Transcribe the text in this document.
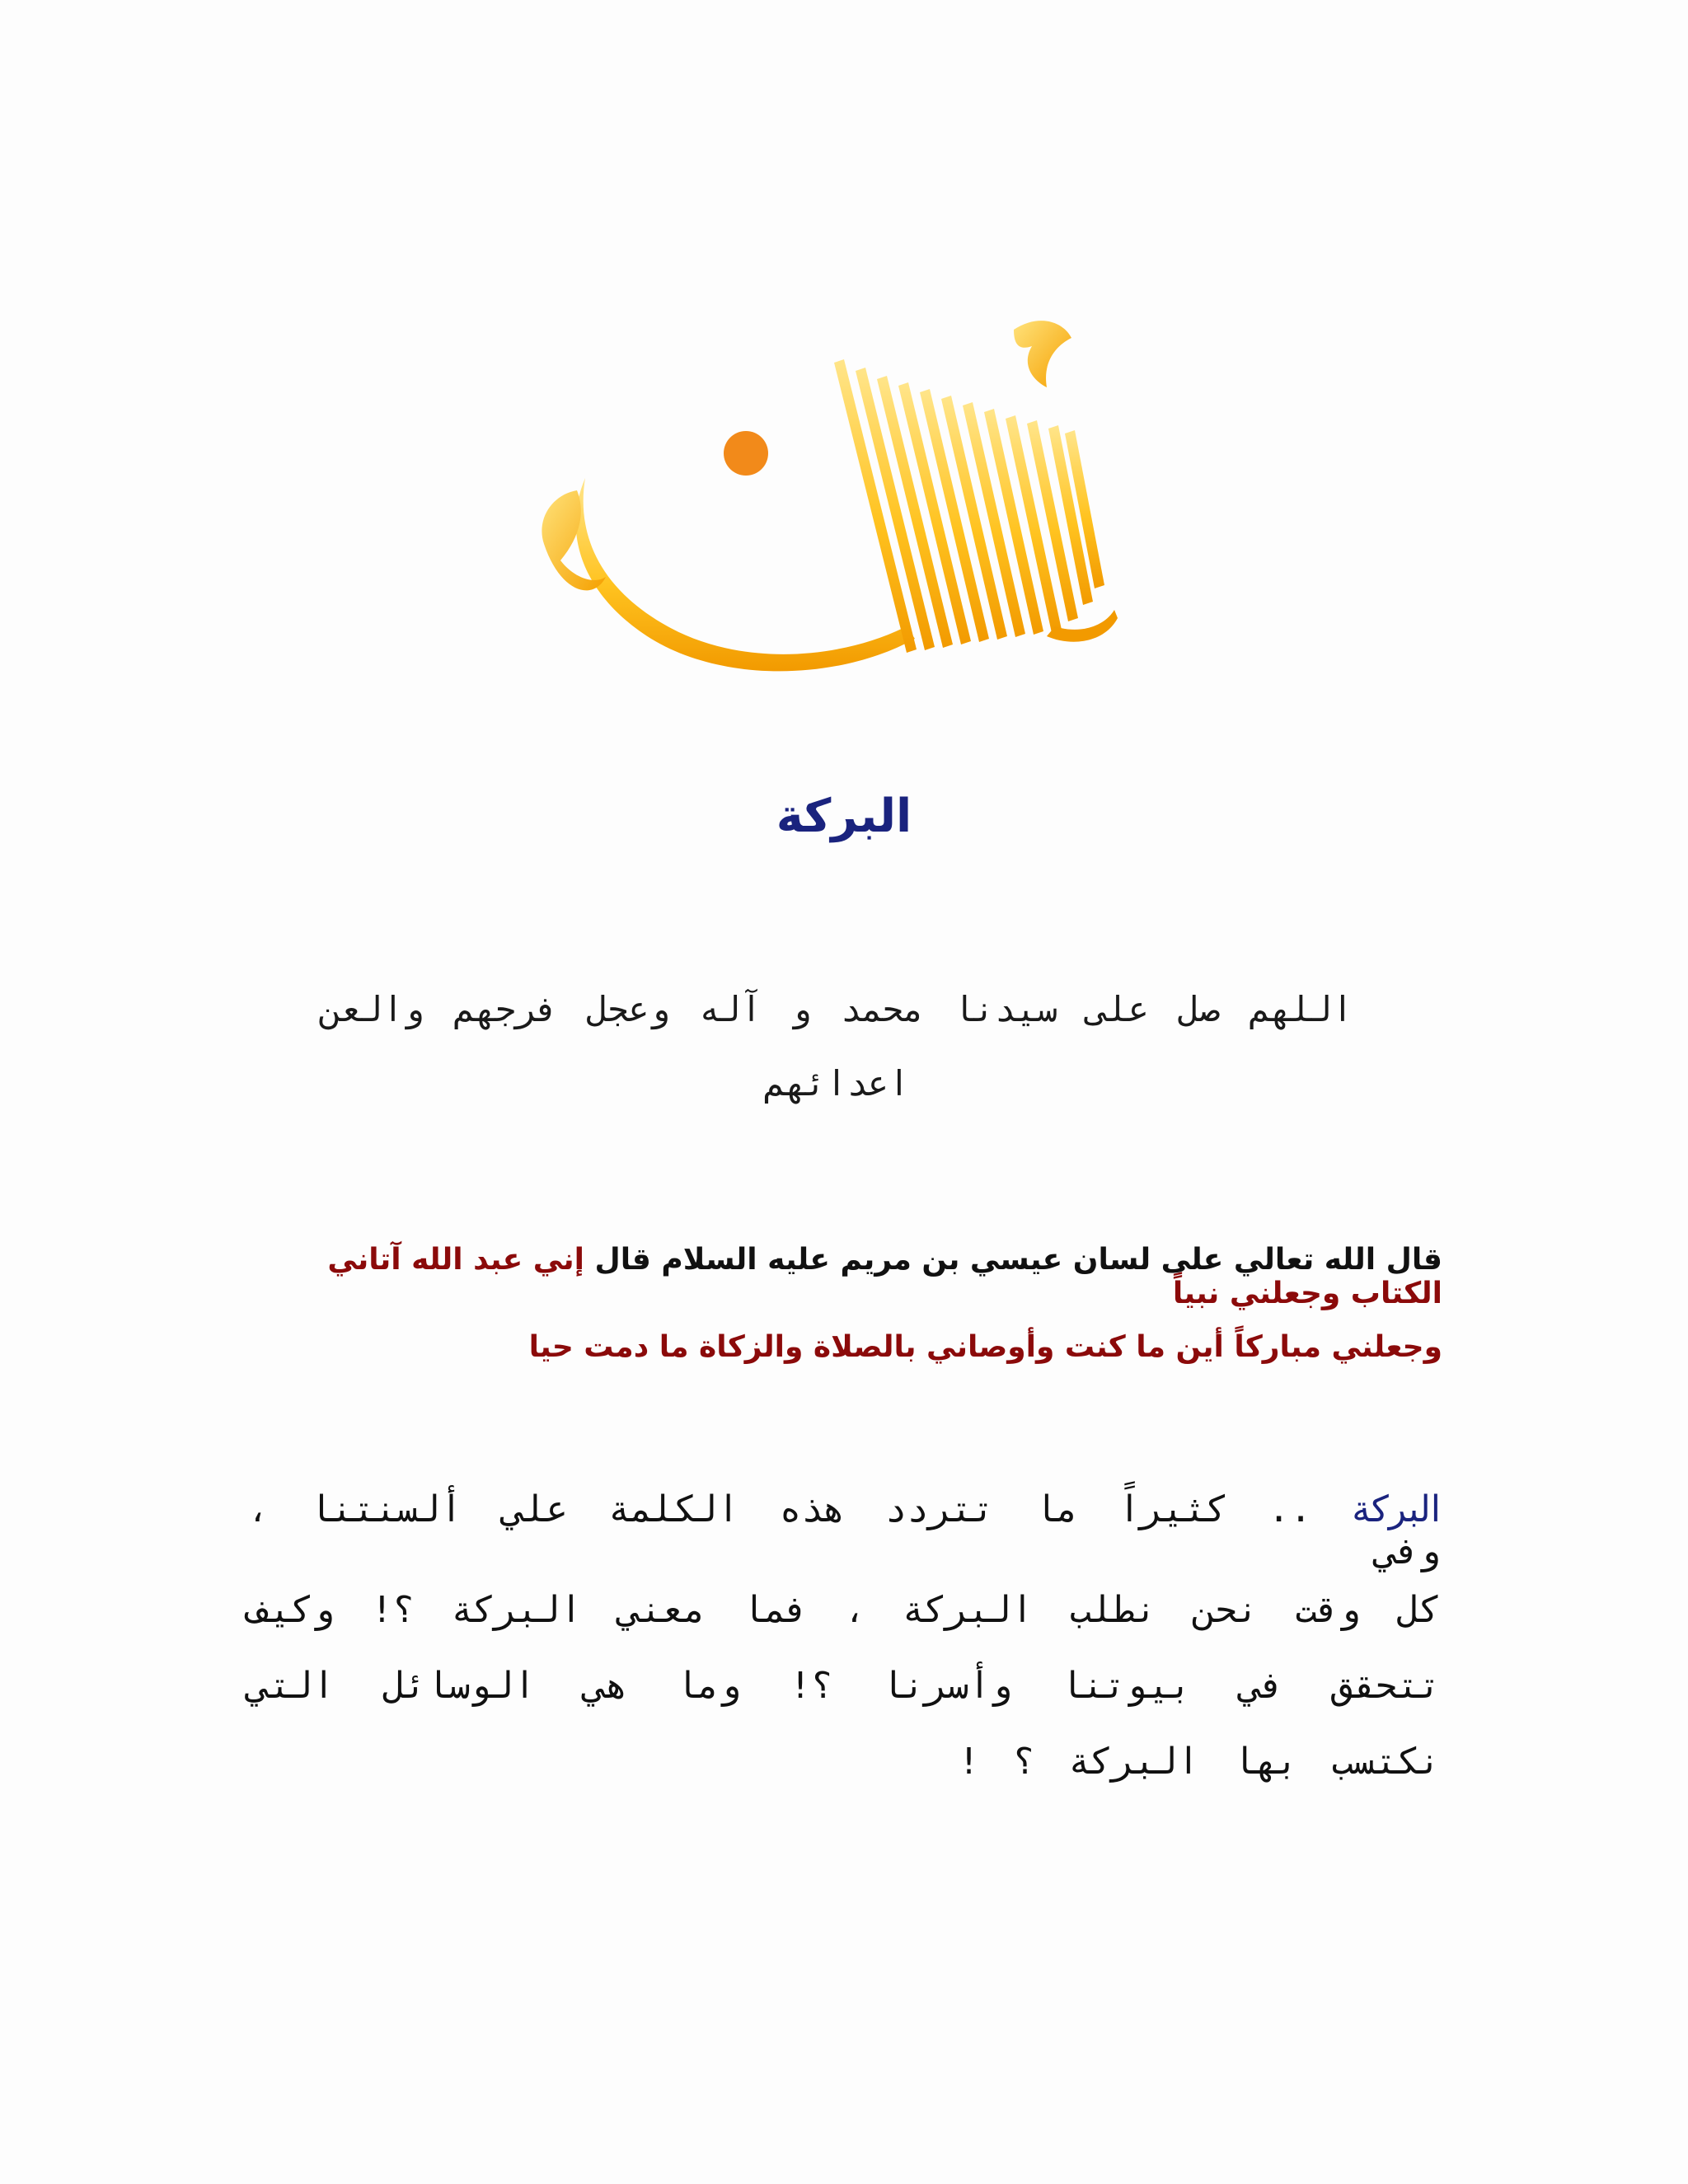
البركة
اللهم صل على سيدنا محمد و آله وعجل فرجهم والعن اعدائهم
قال الله تعالي على لسان عيسي بن مريم عليه السلام قال إني عبد الله آتاني الكتاب وجعلني نبياً
وجعلني مباركاً أين ما كنت وأوصاني بالصلاة والزكاة ما دمت حيا
البركة .. كثيراً ما تتردد هذه الكلمة علي ألسنتنا ، وفي
كل وقت نحن نطلب البركة ، فما معني البركة ؟! وكيف تتحقق في بيوتنا وأسرنا ؟! وما هي الوسائل التي نكتسب بها البركة ؟ !
